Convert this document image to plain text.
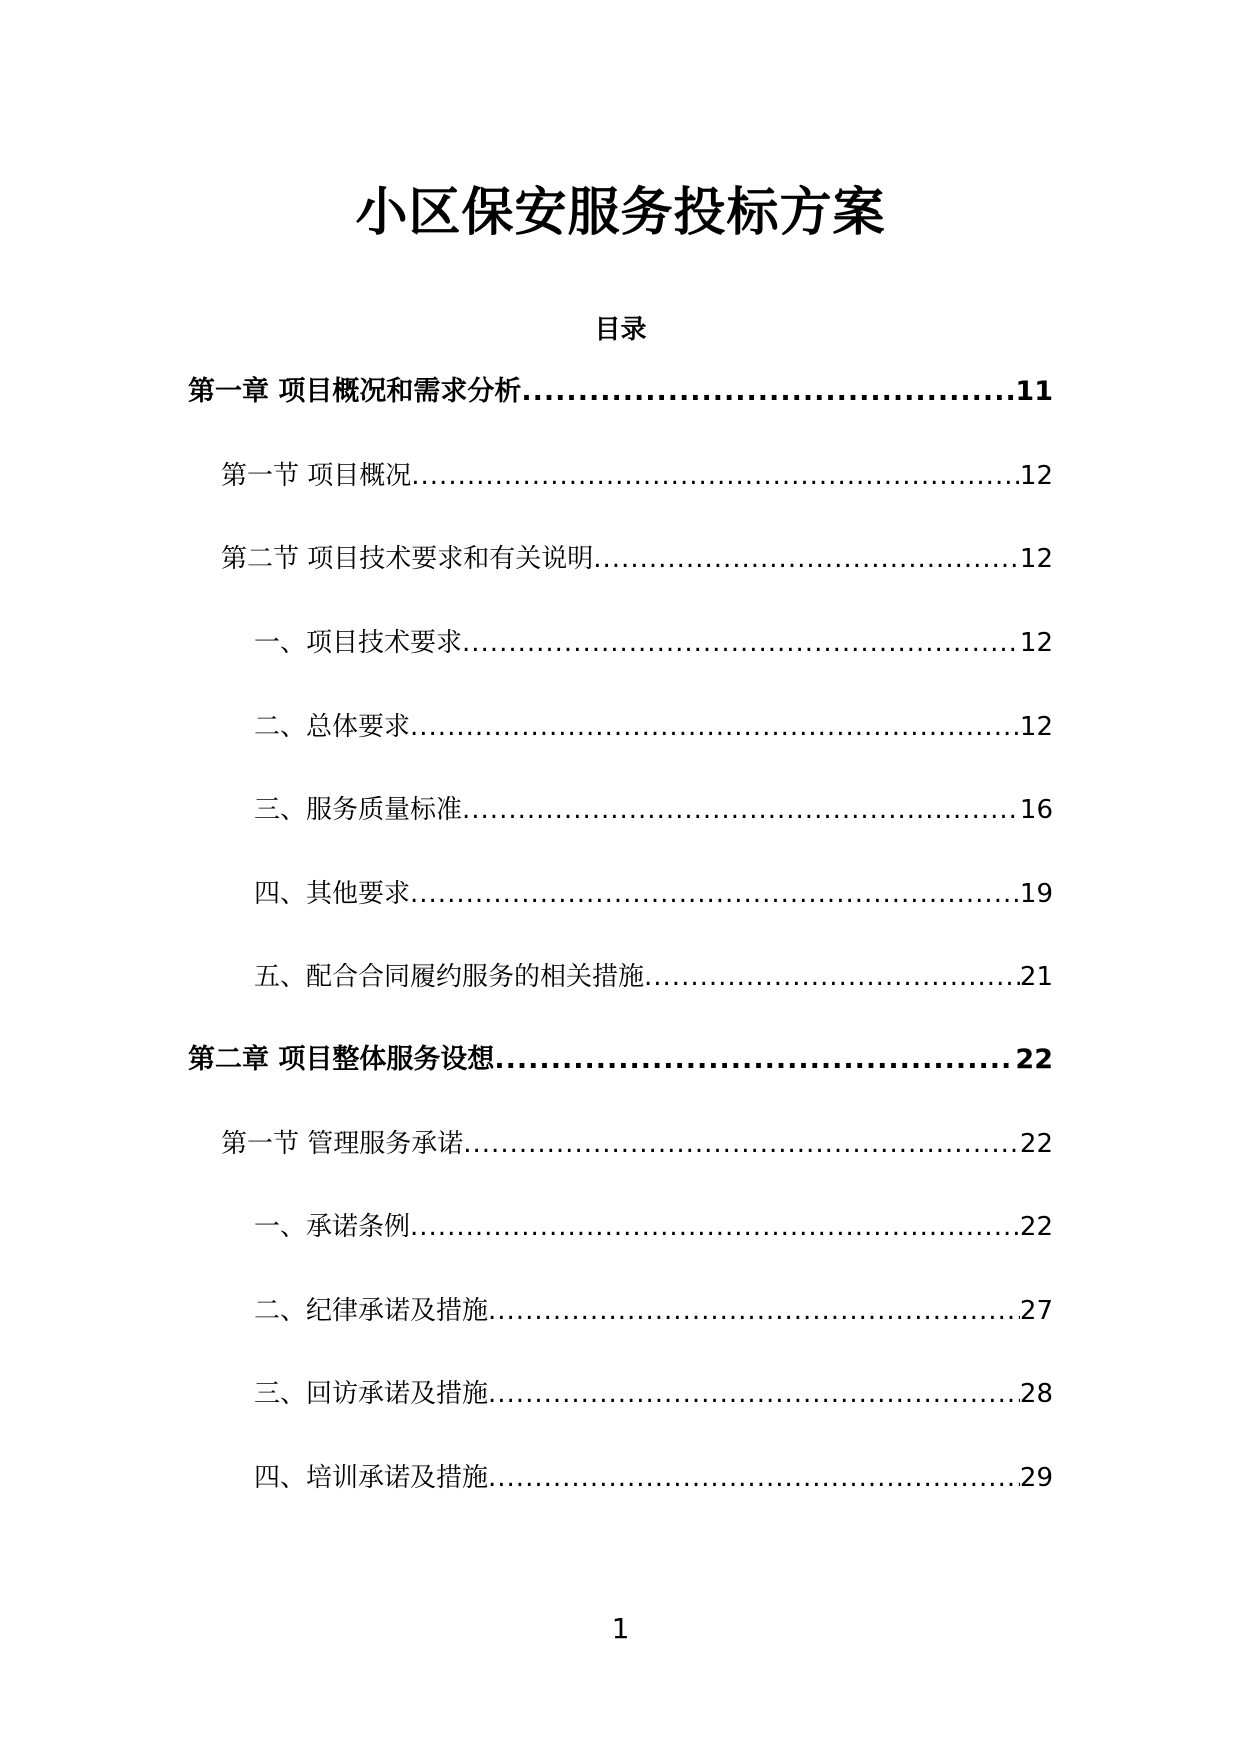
小区保安服务投标方案
目录
第一章 项目概况和需求分析 .....	11
第一节 项目概况 .....	12
第二节 项目技术要求和有关说明 .....	12
一、项目技术要求 .....	12
二、总体要求 .....	12
三、服务质量标准 .....	16
四、其他要求 .....	19
五、配合合同履约服务的相关措施 .....	21
第二章 项目整体服务设想 .....	22
第一节 管理服务承诺 .....	22
一、承诺条例 .....	22
二、纪律承诺及措施 .....	27
三、回访承诺及措施 .....	28
四、培训承诺及措施 .....	29
1
